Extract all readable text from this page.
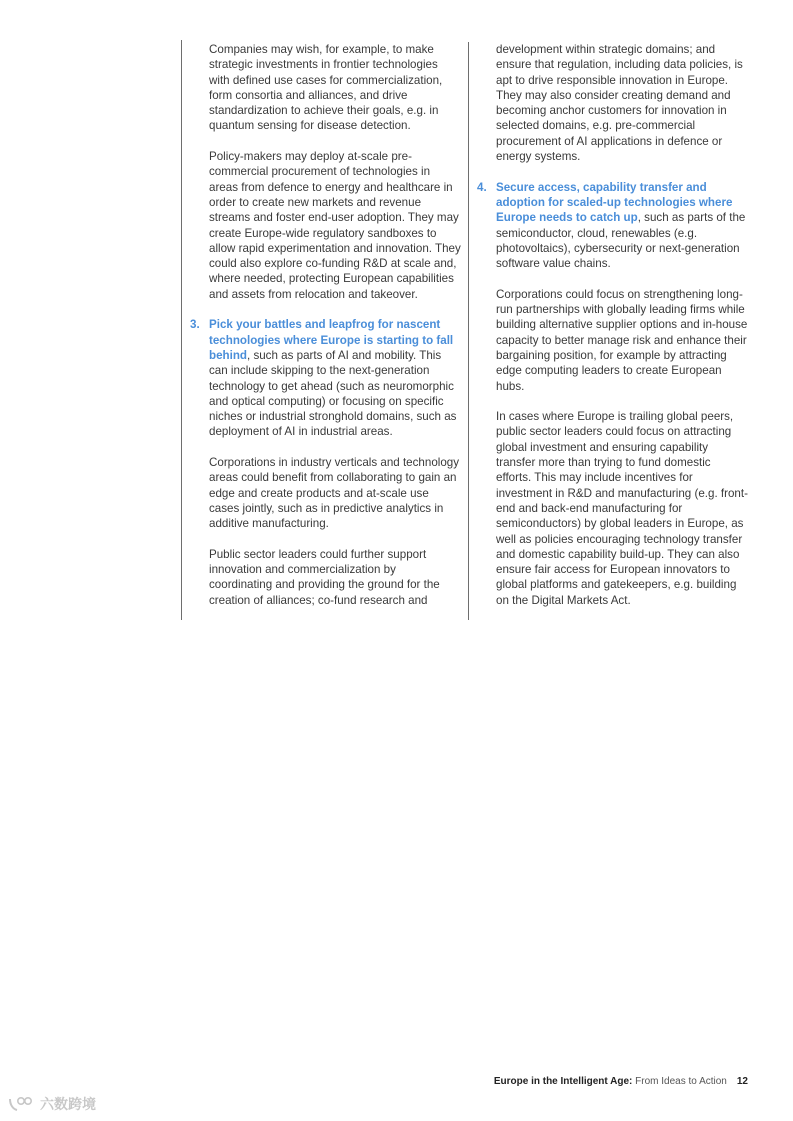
Companies may wish, for example, to make strategic investments in frontier technologies with defined use cases for commercialization, form consortia and alliances, and drive standardization to achieve their goals, e.g. in quantum sensing for disease detection.

Policy-makers may deploy at-scale pre-commercial procurement of technologies in areas from defence to energy and healthcare in order to create new markets and revenue streams and foster end-user adoption. They may create Europe-wide regulatory sandboxes to allow rapid experimentation and innovation. They could also explore co-funding R&D at scale and, where needed, protecting European capabilities and assets from relocation and takeover.

3. Pick your battles and leapfrog for nascent technologies where Europe is starting to fall behind, such as parts of AI and mobility. This can include skipping to the next-generation technology to get ahead (such as neuromorphic and optical computing) or focusing on specific niches or industrial stronghold domains, such as deployment of AI in industrial areas.

Corporations in industry verticals and technology areas could benefit from collaborating to gain an edge and create products and at-scale use cases jointly, such as in predictive analytics in additive manufacturing.

Public sector leaders could further support innovation and commercialization by coordinating and providing the ground for the creation of alliances; co-fund research and

development within strategic domains; and ensure that regulation, including data policies, is apt to drive responsible innovation in Europe. They may also consider creating demand and becoming anchor customers for innovation in selected domains, e.g. pre-commercial procurement of AI applications in defence or energy systems.

4. Secure access, capability transfer and adoption for scaled-up technologies where Europe needs to catch up, such as parts of the semiconductor, cloud, renewables (e.g. photovoltaics), cybersecurity or next-generation software value chains.

Corporations could focus on strengthening long-run partnerships with globally leading firms while building alternative supplier options and in-house capacity to better manage risk and enhance their bargaining position, for example by attracting edge computing leaders to create European hubs.

In cases where Europe is trailing global peers, public sector leaders could focus on attracting global investment and ensuring capability transfer more than trying to fund domestic efforts. This may include incentives for investment in R&D and manufacturing (e.g. front-end and back-end manufacturing for semiconductors) by global leaders in Europe, as well as policies encouraging technology transfer and domestic capability build-up. They can also ensure fair access for European innovators to global platforms and gatekeepers, e.g. building on the Digital Markets Act.

Europe in the Intelligent Age: From Ideas to Action 12
六数跨境
